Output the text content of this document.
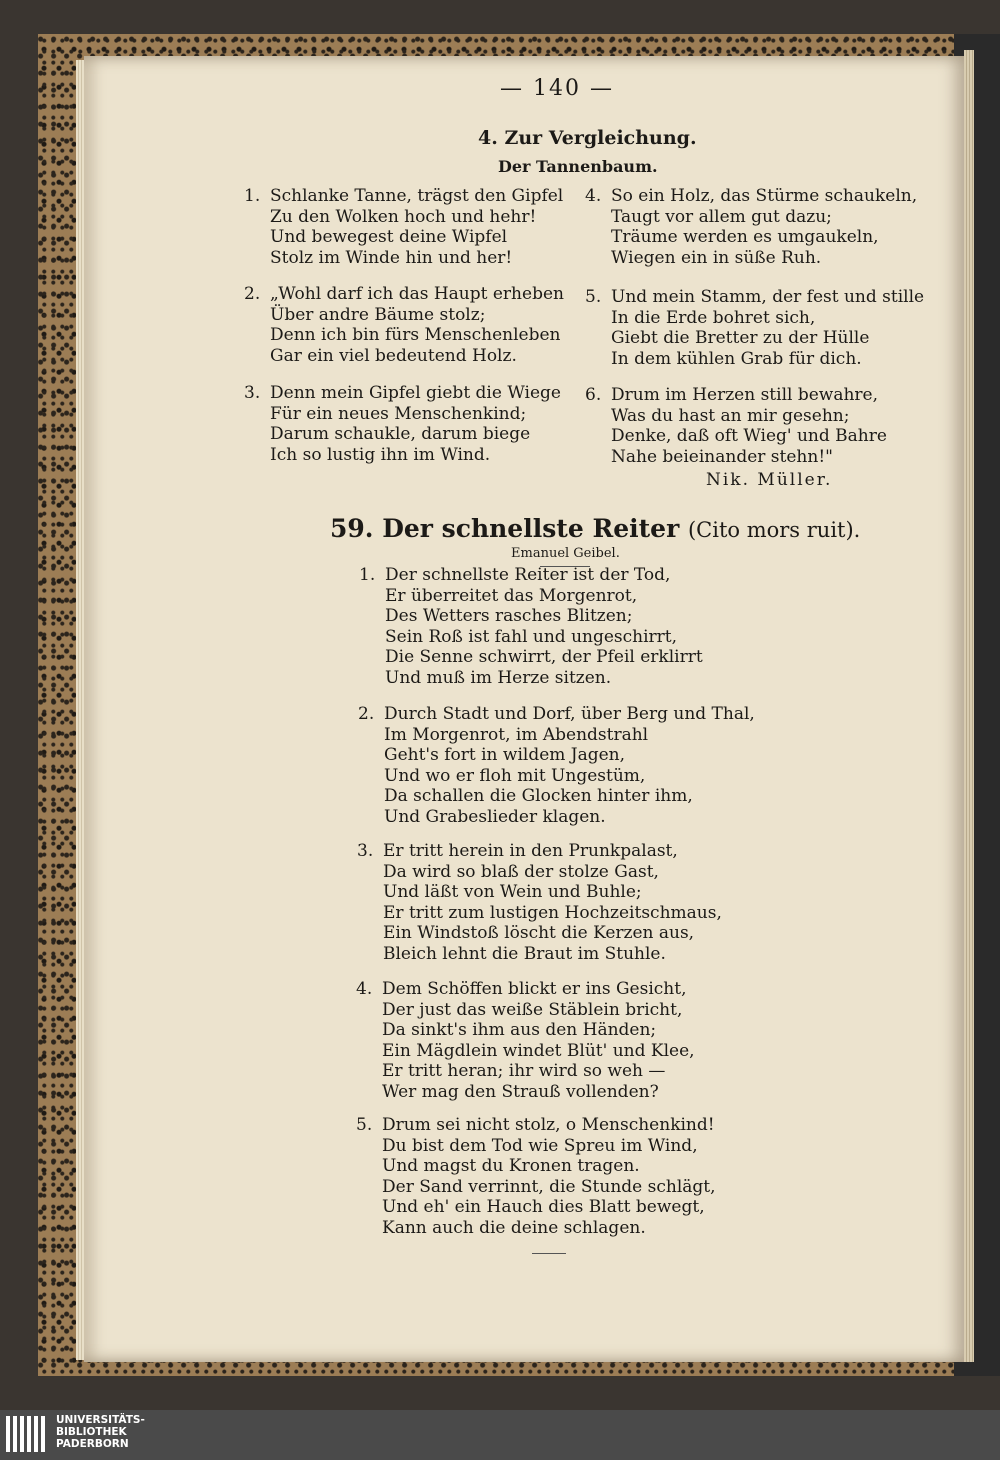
— 140 —
4. Zur Vergleichung.
Der Tannenbaum.
1. Schlanke Tanne, trägst den Gipfel
Zu den Wolken hoch und hehr!
Und bewegest deine Wipfel
Stolz im Winde hin und her!
2. „Wohl darf ich das Haupt erheben
Über andre Bäume stolz;
Denn ich bin fürs Menschenleben
Gar ein viel bedeutend Holz.
3. Denn mein Gipfel giebt die Wiege
Für ein neues Menschenkind;
Darum schaukle, darum biege
Ich so lustig ihn im Wind.
4. So ein Holz, das Stürme schaukeln,
Taugt vor allem gut dazu;
Träume werden es umgaukeln,
Wiegen ein in süße Ruh.
5. Und mein Stamm, der fest und stille
In die Erde bohret sich,
Giebt die Bretter zu der Hülle
In dem kühlen Grab für dich.
6. Drum im Herzen still bewahre,
Was du hast an mir gesehn;
Denke, daß oft Wieg' und Bahre
Nahe beieinander stehn!"
Nik. Müller.
59. Der schnellste Reiter (Cito mors ruit).
Emanuel Geibel.
1. Der schnellste Reiter ist der Tod,
Er überreitet das Morgenrot,
Des Wetters rasches Blitzen;
Sein Roß ist fahl und ungeschirrt,
Die Senne schwirrt, der Pfeil erklirrt
Und muß im Herze sitzen.
2. Durch Stadt und Dorf, über Berg und Thal,
Im Morgenrot, im Abendstrahl
Geht's fort in wildem Jagen,
Und wo er floh mit Ungestüm,
Da schallen die Glocken hinter ihm,
Und Grabeslieder klagen.
3. Er tritt herein in den Prunkpalast,
Da wird so blaß der stolze Gast,
Und läßt von Wein und Buhle;
Er tritt zum lustigen Hochzeitschmaus,
Ein Windstoß löscht die Kerzen aus,
Bleich lehnt die Braut im Stuhle.
4. Dem Schöffen blickt er ins Gesicht,
Der just das weiße Stäblein bricht,
Da sinkt's ihm aus den Händen;
Ein Mägdlein windet Blüt' und Klee,
Er tritt heran; ihr wird so weh —
Wer mag den Strauß vollenden?
5. Drum sei nicht stolz, o Menschenkind!
Du bist dem Tod wie Spreu im Wind,
Und magst du Kronen tragen.
Der Sand verrinnt, die Stunde schlägt,
Und eh' ein Hauch dies Blatt bewegt,
Kann auch die deine schlagen.
UNIVERSITÄTS-
BIBLIOTHEK
PADERBORN
